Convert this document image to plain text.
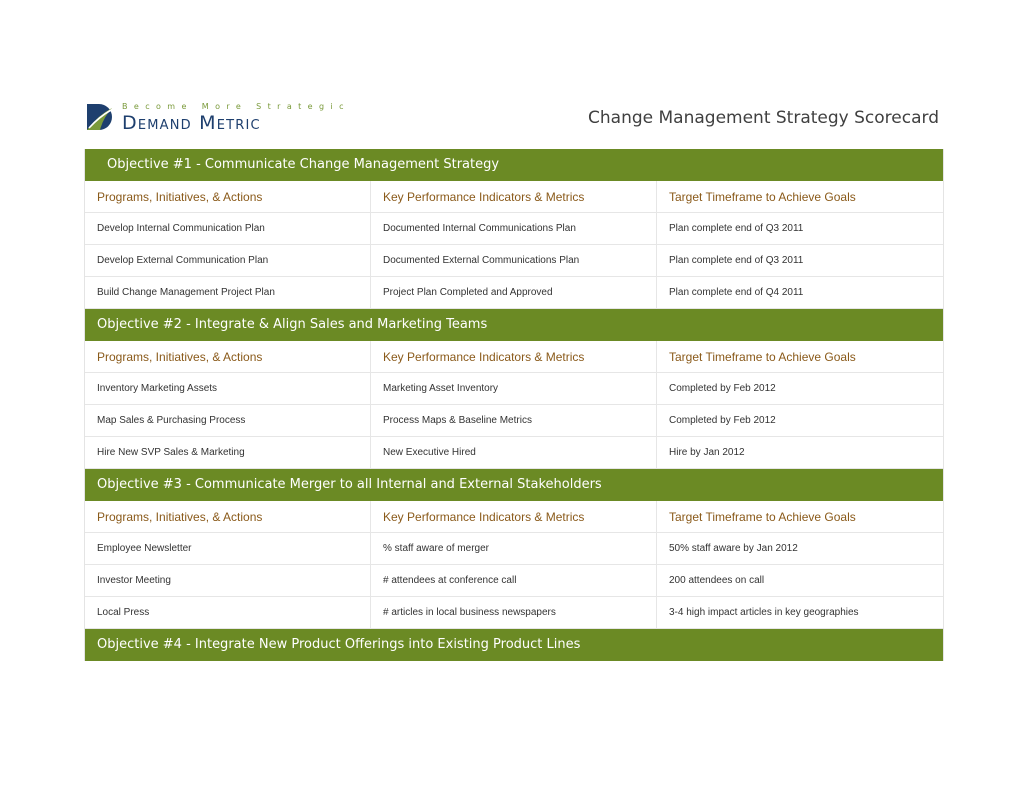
Become More Strategic
Demand Metric	Change Management Strategy Scorecard
Objective #1 - Communicate Change Management Strategy
Programs, Initiatives, & Actions	Key Performance Indicators & Metrics	Target Timeframe to Achieve Goals
Develop Internal Communication Plan	Documented Internal Communications Plan	Plan complete end of Q3 2011
Develop External Communication Plan	Documented External Communications Plan	Plan complete end of Q3 2011
Build Change Management Project Plan	Project Plan Completed and Approved	Plan complete end of Q4 2011
Objective #2 - Integrate & Align Sales and Marketing Teams
Programs, Initiatives, & Actions	Key Performance Indicators & Metrics	Target Timeframe to Achieve Goals
Inventory Marketing Assets	Marketing Asset Inventory	Completed by Feb 2012
Map Sales & Purchasing Process	Process Maps & Baseline Metrics	Completed by Feb 2012
Hire New SVP Sales & Marketing	New Executive Hired	Hire by Jan 2012
Objective #3 - Communicate Merger to all Internal and External Stakeholders
Programs, Initiatives, & Actions	Key Performance Indicators & Metrics	Target Timeframe to Achieve Goals
Employee Newsletter	% staff aware of merger	50% staff aware by Jan 2012
Investor Meeting	# attendees at conference call	200 attendees on call
Local Press	# articles in local business newspapers	3-4 high impact articles in key geographies
Objective #4 - Integrate New Product Offerings into Existing Product Lines
